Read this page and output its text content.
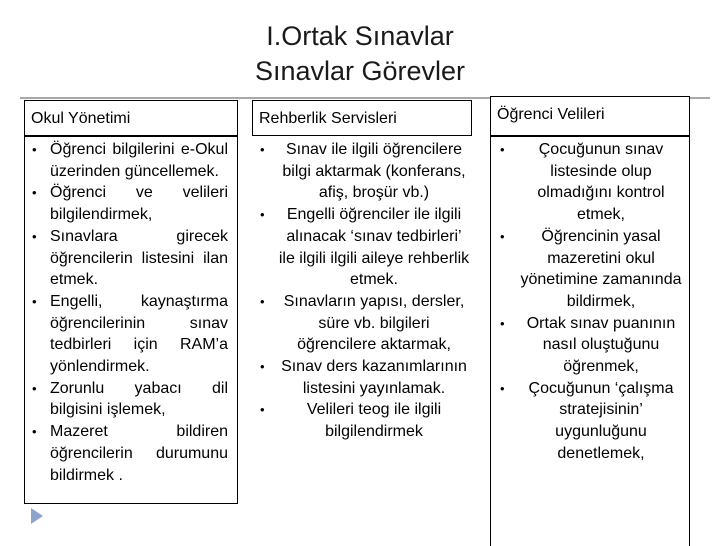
I.Ortak Sınavlar
Sınavlar Görevler
Okul Yönetimi
• Öğrenci bilgilerini e-Okul üzerinden güncellemek.
• Öğrenci ve velileri bilgilendirmek,
• Sınavlara girecek öğrencilerin listesini ilan etmek.
• Engelli, kaynaştırma öğrencilerinin sınav tedbirleri için RAM’a yönlendirmek.
• Zorunlu yabacı dil bilgisini işlemek,
• Mazeret bildiren öğrencilerin durumunu bildirmek .
Rehberlik Servisleri
•	Sınav ile ilgili öğrencilere bilgi aktarmak (konferans, afiş, broşür vb.)
•	Engelli öğrenciler ile ilgili alınacak ‘sınav tedbirleri’ ile ilgili ilgili aileye rehberlik etmek.
•	Sınavların yapısı, dersler, süre vb. bilgileri öğrencilere aktarmak,
• Sınav ders kazanımlarının listesini yayınlamak.
•	Velileri teog ile ilgili bilgilendirmek
Öğrenci Velileri
•	Çocuğunun sınav listesinde olup olmadığını kontrol etmek,
•	Öğrencinin yasal mazeretini okul yönetimine zamanında bildirmek,
•	Ortak sınav puanının nasıl oluştuğunu öğrenmek,
•	Çocuğunun ‘çalışma stratejisinin’ uygunluğunu denetlemek,
